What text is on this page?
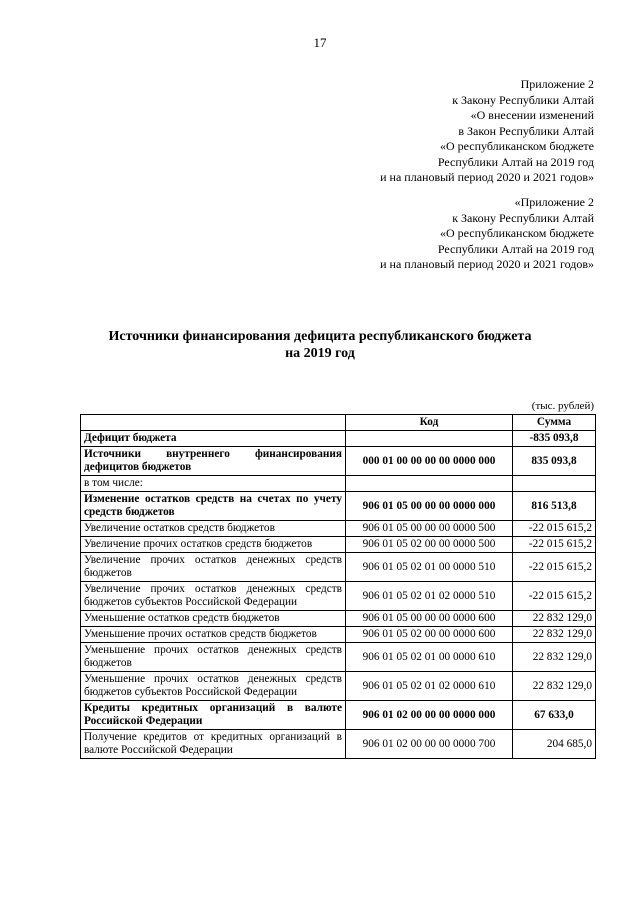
17
Приложение 2
к Закону Республики Алтай
«О внесении изменений
в Закон Республики Алтай
«О республиканском бюджете
Республики Алтай на 2019 год
и на плановый период 2020 и 2021 годов»
«Приложение 2
к Закону Республики Алтай
«О республиканском бюджете
Республики Алтай на 2019 год
и на плановый период 2020 и 2021 годов»
Источники финансирования дефицита республиканского бюджета
на 2019 год
(тыс. рублей)
	Код	Сумма
Дефицит бюджета		-835 093,8
Источники внутреннего финансирования дефицитов бюджетов	000 01 00 00 00 00 0000 000	835 093,8
в том числе:		
Изменение остатков средств на счетах по учету средств бюджетов	906 01 05 00 00 00 0000 000	816 513,8
Увеличение остатков средств бюджетов	906 01 05 00 00 00 0000 500	-22 015 615,2
Увеличение прочих остатков средств бюджетов	906 01 05 02 00 00 0000 500	-22 015 615,2
Увеличение прочих остатков денежных средств бюджетов	906 01 05 02 01 00 0000 510	-22 015 615,2
Увеличение прочих остатков денежных средств бюджетов субъектов Российской Федерации	906 01 05 02 01 02 0000 510	-22 015 615,2
Уменьшение остатков средств бюджетов	906 01 05 00 00 00 0000 600	22 832 129,0
Уменьшение прочих остатков средств бюджетов	906 01 05 02 00 00 0000 600	22 832 129,0
Уменьшение прочих остатков денежных средств бюджетов	906 01 05 02 01 00 0000 610	22 832 129,0
Уменьшение прочих остатков денежных средств бюджетов субъектов Российской Федерации	906 01 05 02 01 02 0000 610	22 832 129,0
Кредиты кредитных организаций в валюте Российской Федерации	906 01 02 00 00 00 0000 000	67 633,0
Получение кредитов от кредитных организаций в валюте Российской Федерации	906 01 02 00 00 00 0000 700	204 685,0
